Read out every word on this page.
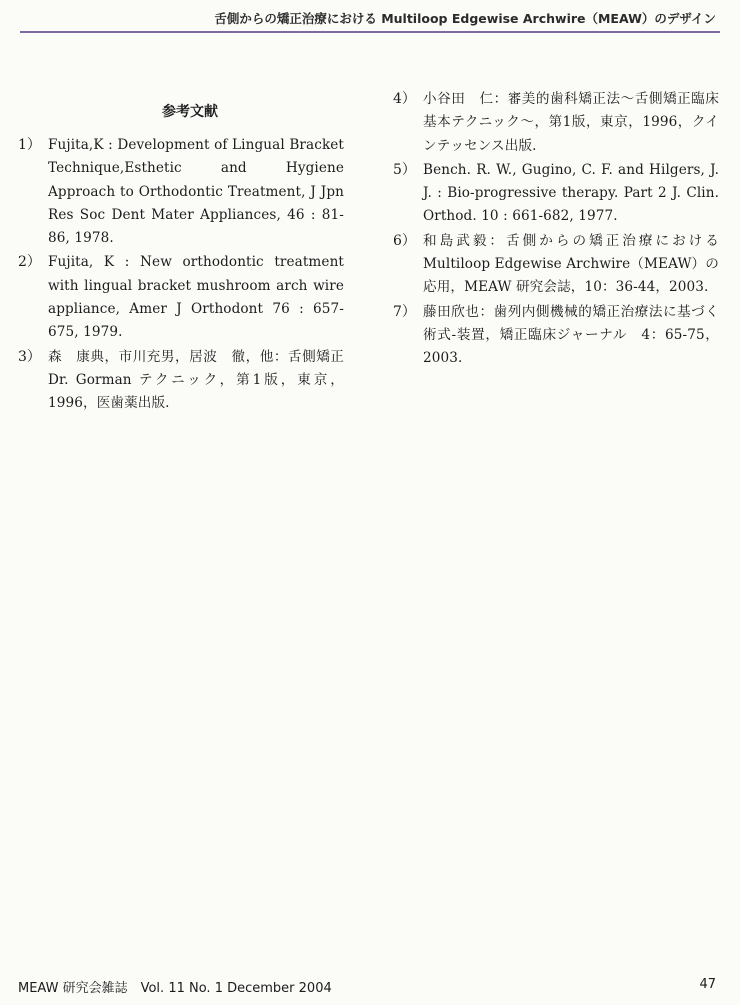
舌側からの矯正治療における Multiloop Edgewise Archwire（MEAW）のデザイン
参考文献
1） Fujita,K : Development of Lingual Bracket Technique,Esthetic and Hygiene Approach to Orthodontic Treatment, J Jpn Res Soc Dent Mater Appliances, 46 : 81-86, 1978.
2） Fujita, K : New orthodontic treatment with lingual bracket mushroom arch wire appliance, Amer J Orthodont 76 : 657-675, 1979.
3） 森　康典，市川充男，居波　徹，他：舌側矯正 Dr. Gorman テクニック，第1版，東京，1996，医歯薬出版.
4） 小谷田　仁：審美的歯科矯正法～舌側矯正臨床基本テクニック～，第1版，東京，1996，クインテッセンス出版.
5） Bench. R. W., Gugino, C. F. and Hilgers, J. J. : Bio-progressive therapy. Part 2 J. Clin. Orthod. 10 : 661-682, 1977.
6） 和島武毅：舌側からの矯正治療における Multiloop Edgewise Archwire（MEAW）の応用，MEAW 研究会誌，10：36-44，2003.
7） 藤田欣也：歯列内側機械的矯正治療法に基づく術式-装置，矯正臨床ジャーナル　4：65-75，2003.
MEAW 研究会雑誌　Vol. 11 No. 1 December 2004	47
